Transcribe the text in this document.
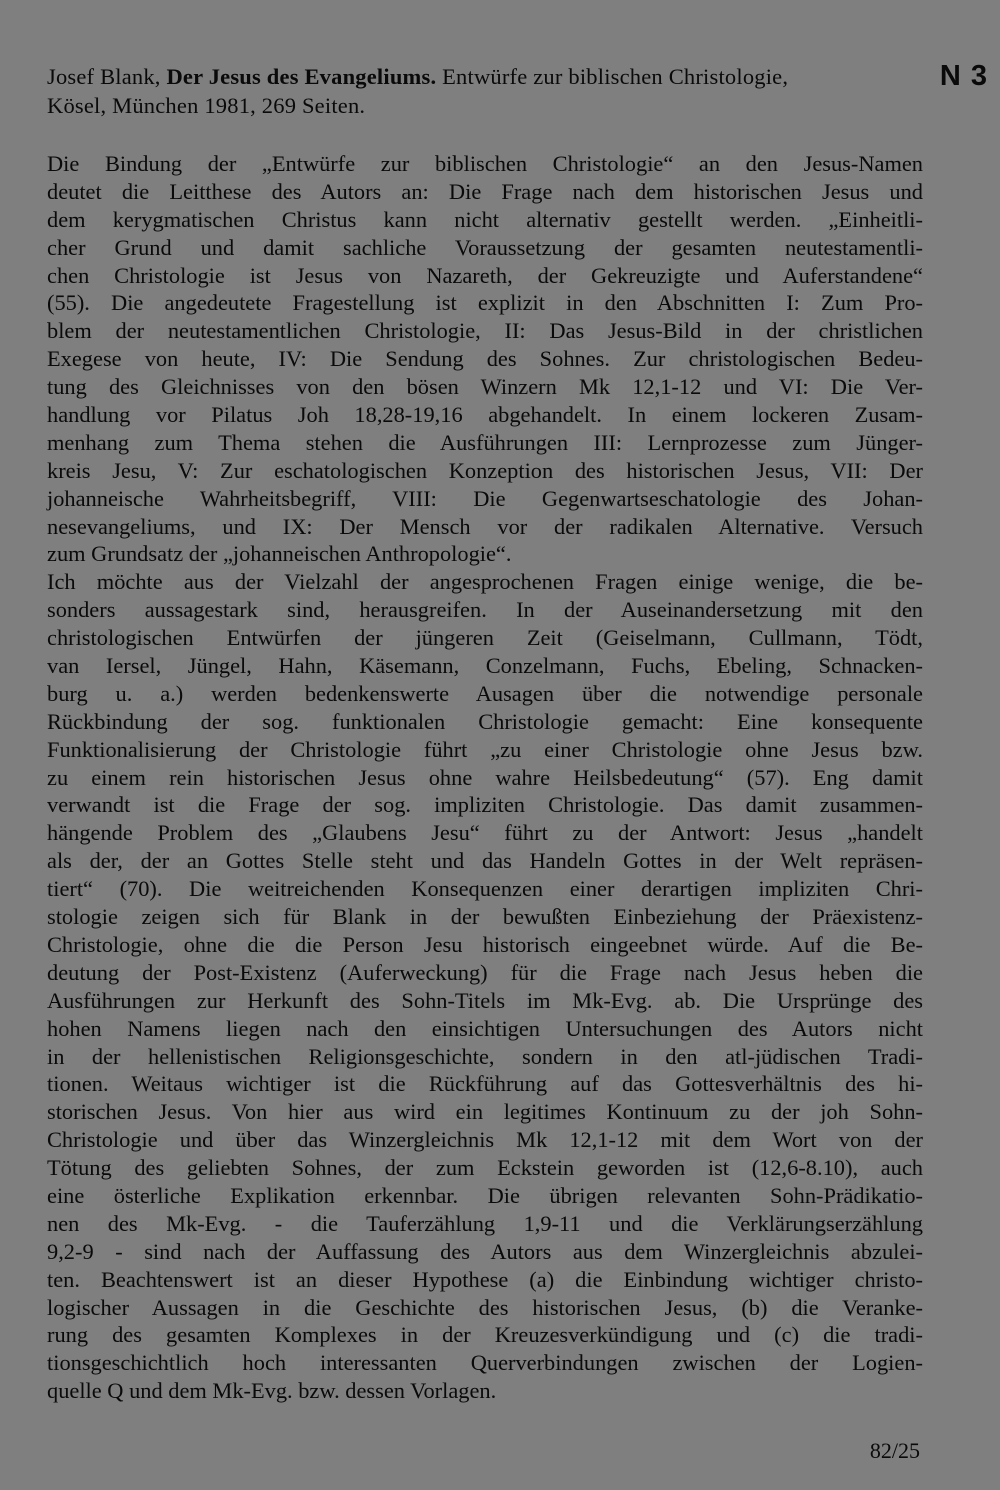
Josef Blank, Der Jesus des Evangeliums. Entwürfe zur biblischen Christologie,
Kösel, München 1981, 269 Seiten.
N 3
Die Bindung der „Entwürfe zur biblischen Christologie“ an den Jesus-Namen
deutet die Leitthese des Autors an: Die Frage nach dem historischen Jesus und
dem kerygmatischen Christus kann nicht alternativ gestellt werden. „Einheitli-
cher Grund und damit sachliche Voraussetzung der gesamten neutestamentli-
chen Christologie ist Jesus von Nazareth, der Gekreuzigte und Auferstandene“
(55). Die angedeutete Fragestellung ist explizit in den Abschnitten I: Zum Pro-
blem der neutestamentlichen Christologie, II: Das Jesus-Bild in der christlichen
Exegese von heute, IV: Die Sendung des Sohnes. Zur christologischen Bedeu-
tung des Gleichnisses von den bösen Winzern Mk 12,1-12 und VI: Die Ver-
handlung vor Pilatus Joh 18,28-19,16 abgehandelt. In einem lockeren Zusam-
menhang zum Thema stehen die Ausführungen III: Lernprozesse zum Jünger-
kreis Jesu, V: Zur eschatologischen Konzeption des historischen Jesus, VII: Der
johanneische Wahrheitsbegriff, VIII: Die Gegenwartseschatologie des Johan-
nesevangeliums, und IX: Der Mensch vor der radikalen Alternative. Versuch
zum Grundsatz der „johanneischen Anthropologie“.
Ich möchte aus der Vielzahl der angesprochenen Fragen einige wenige, die be-
sonders aussagestark sind, herausgreifen. In der Auseinandersetzung mit den
christologischen Entwürfen der jüngeren Zeit (Geiselmann, Cullmann, Tödt,
van Iersel, Jüngel, Hahn, Käsemann, Conzelmann, Fuchs, Ebeling, Schnacken-
burg u. a.) werden bedenkenswerte Ausagen über die notwendige personale
Rückbindung der sog. funktionalen Christologie gemacht: Eine konsequente
Funktionalisierung der Christologie führt „zu einer Christologie ohne Jesus bzw.
zu einem rein historischen Jesus ohne wahre Heilsbedeutung“ (57). Eng damit
verwandt ist die Frage der sog. impliziten Christologie. Das damit zusammen-
hängende Problem des „Glaubens Jesu“ führt zu der Antwort: Jesus „handelt
als der, der an Gottes Stelle steht und das Handeln Gottes in der Welt repräsen-
tiert“ (70). Die weitreichenden Konsequenzen einer derartigen impliziten Chri-
stologie zeigen sich für Blank in der bewußten Einbeziehung der Präexistenz-
Christologie, ohne die die Person Jesu historisch eingeebnet würde. Auf die Be-
deutung der Post-Existenz (Auferweckung) für die Frage nach Jesus heben die
Ausführungen zur Herkunft des Sohn-Titels im Mk-Evg. ab. Die Ursprünge des
hohen Namens liegen nach den einsichtigen Untersuchungen des Autors nicht
in der hellenistischen Religionsgeschichte, sondern in den atl-jüdischen Tradi-
tionen. Weitaus wichtiger ist die Rückführung auf das Gottesverhältnis des hi-
storischen Jesus. Von hier aus wird ein legitimes Kontinuum zu der joh Sohn-
Christologie und über das Winzergleichnis Mk 12,1-12 mit dem Wort von der
Tötung des geliebten Sohnes, der zum Eckstein geworden ist (12,6-8.10), auch
eine österliche Explikation erkennbar. Die übrigen relevanten Sohn-Prädikatio-
nen des Mk-Evg. - die Tauferzählung 1,9-11 und die Verklärungserzählung
9,2-9 - sind nach der Auffassung des Autors aus dem Winzergleichnis abzulei-
ten. Beachtenswert ist an dieser Hypothese (a) die Einbindung wichtiger christo-
logischer Aussagen in die Geschichte des historischen Jesus, (b) die Veranke-
rung des gesamten Komplexes in der Kreuzesverkündigung und (c) die tradi-
tionsgeschichtlich hoch interessanten Querverbindungen zwischen der Logien-
quelle Q und dem Mk-Evg. bzw. dessen Vorlagen.
82/25
